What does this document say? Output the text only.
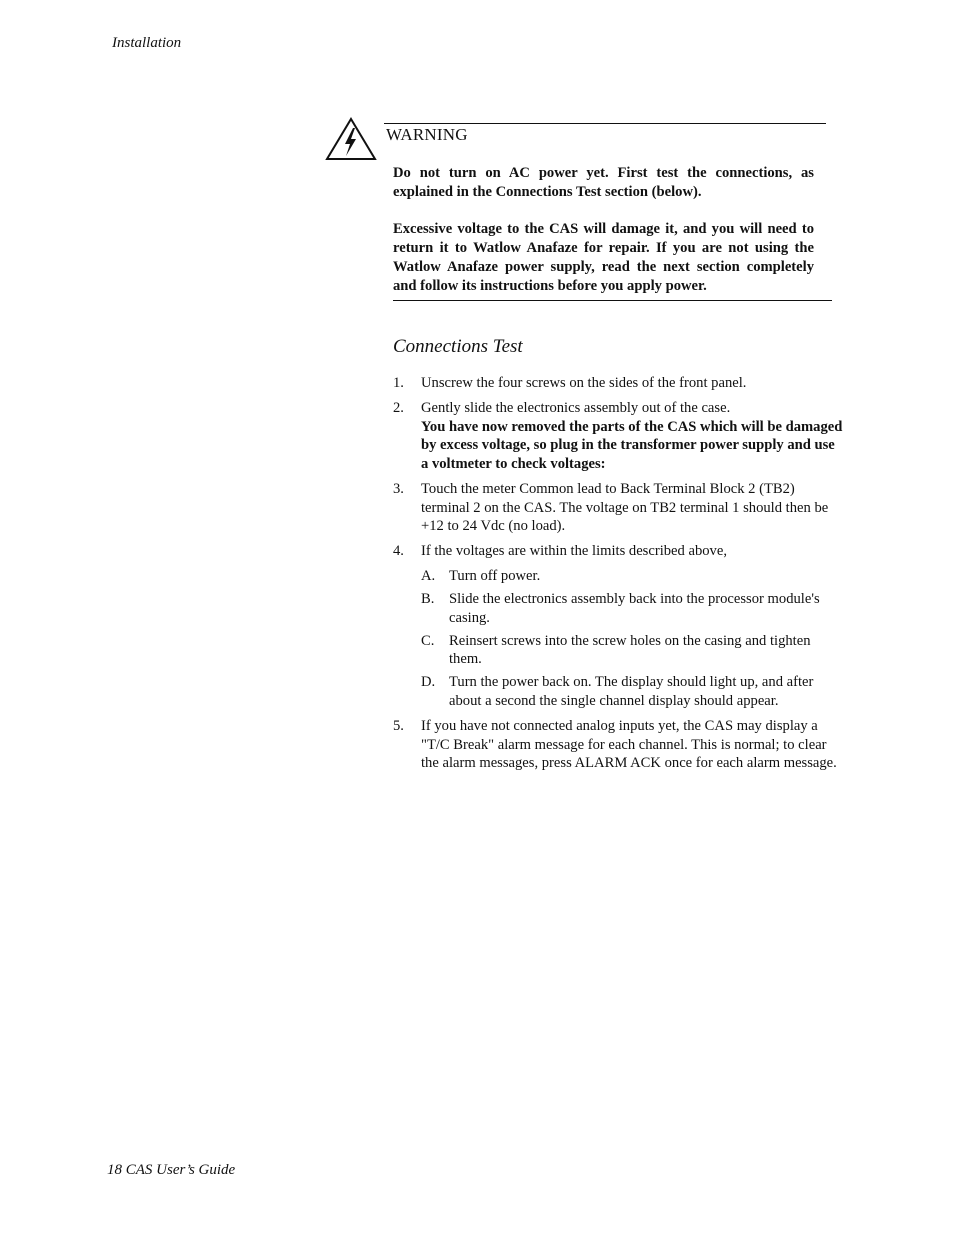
Installation
WARNING

Do not turn on AC power yet. First test the connections, as explained in the Connections Test section (below).

Excessive voltage to the CAS will damage it, and you will need to return it to Watlow Anafaze for repair. If you are not using the Watlow Anafaze power supply, read the next section completely and follow its instructions before you apply power.

Connections Test
1. Unscrew the four screws on the sides of the front panel.
2. Gently slide the electronics assembly out of the case.
You have now removed the parts of the CAS which will be damaged by excess voltage, so plug in the transformer power supply and use a voltmeter to check voltages:
3. Touch the meter Common lead to Back Terminal Block 2 (TB2) terminal 2 on the CAS. The voltage on TB2 terminal 1 should then be +12 to 24 Vdc (no load).
4. If the voltages are within the limits described above,
A. Turn off power.
B. Slide the electronics assembly back into the processor module's casing.
C. Reinsert screws into the screw holes on the casing and tighten them.
D. Turn the power back on. The display should light up, and after about a second the single channel display should appear.
5. If you have not connected analog inputs yet, the CAS may display a "T/C Break" alarm message for each channel. This is normal; to clear the alarm messages, press ALARM ACK once for each alarm message.
18 CAS User’s Guide
